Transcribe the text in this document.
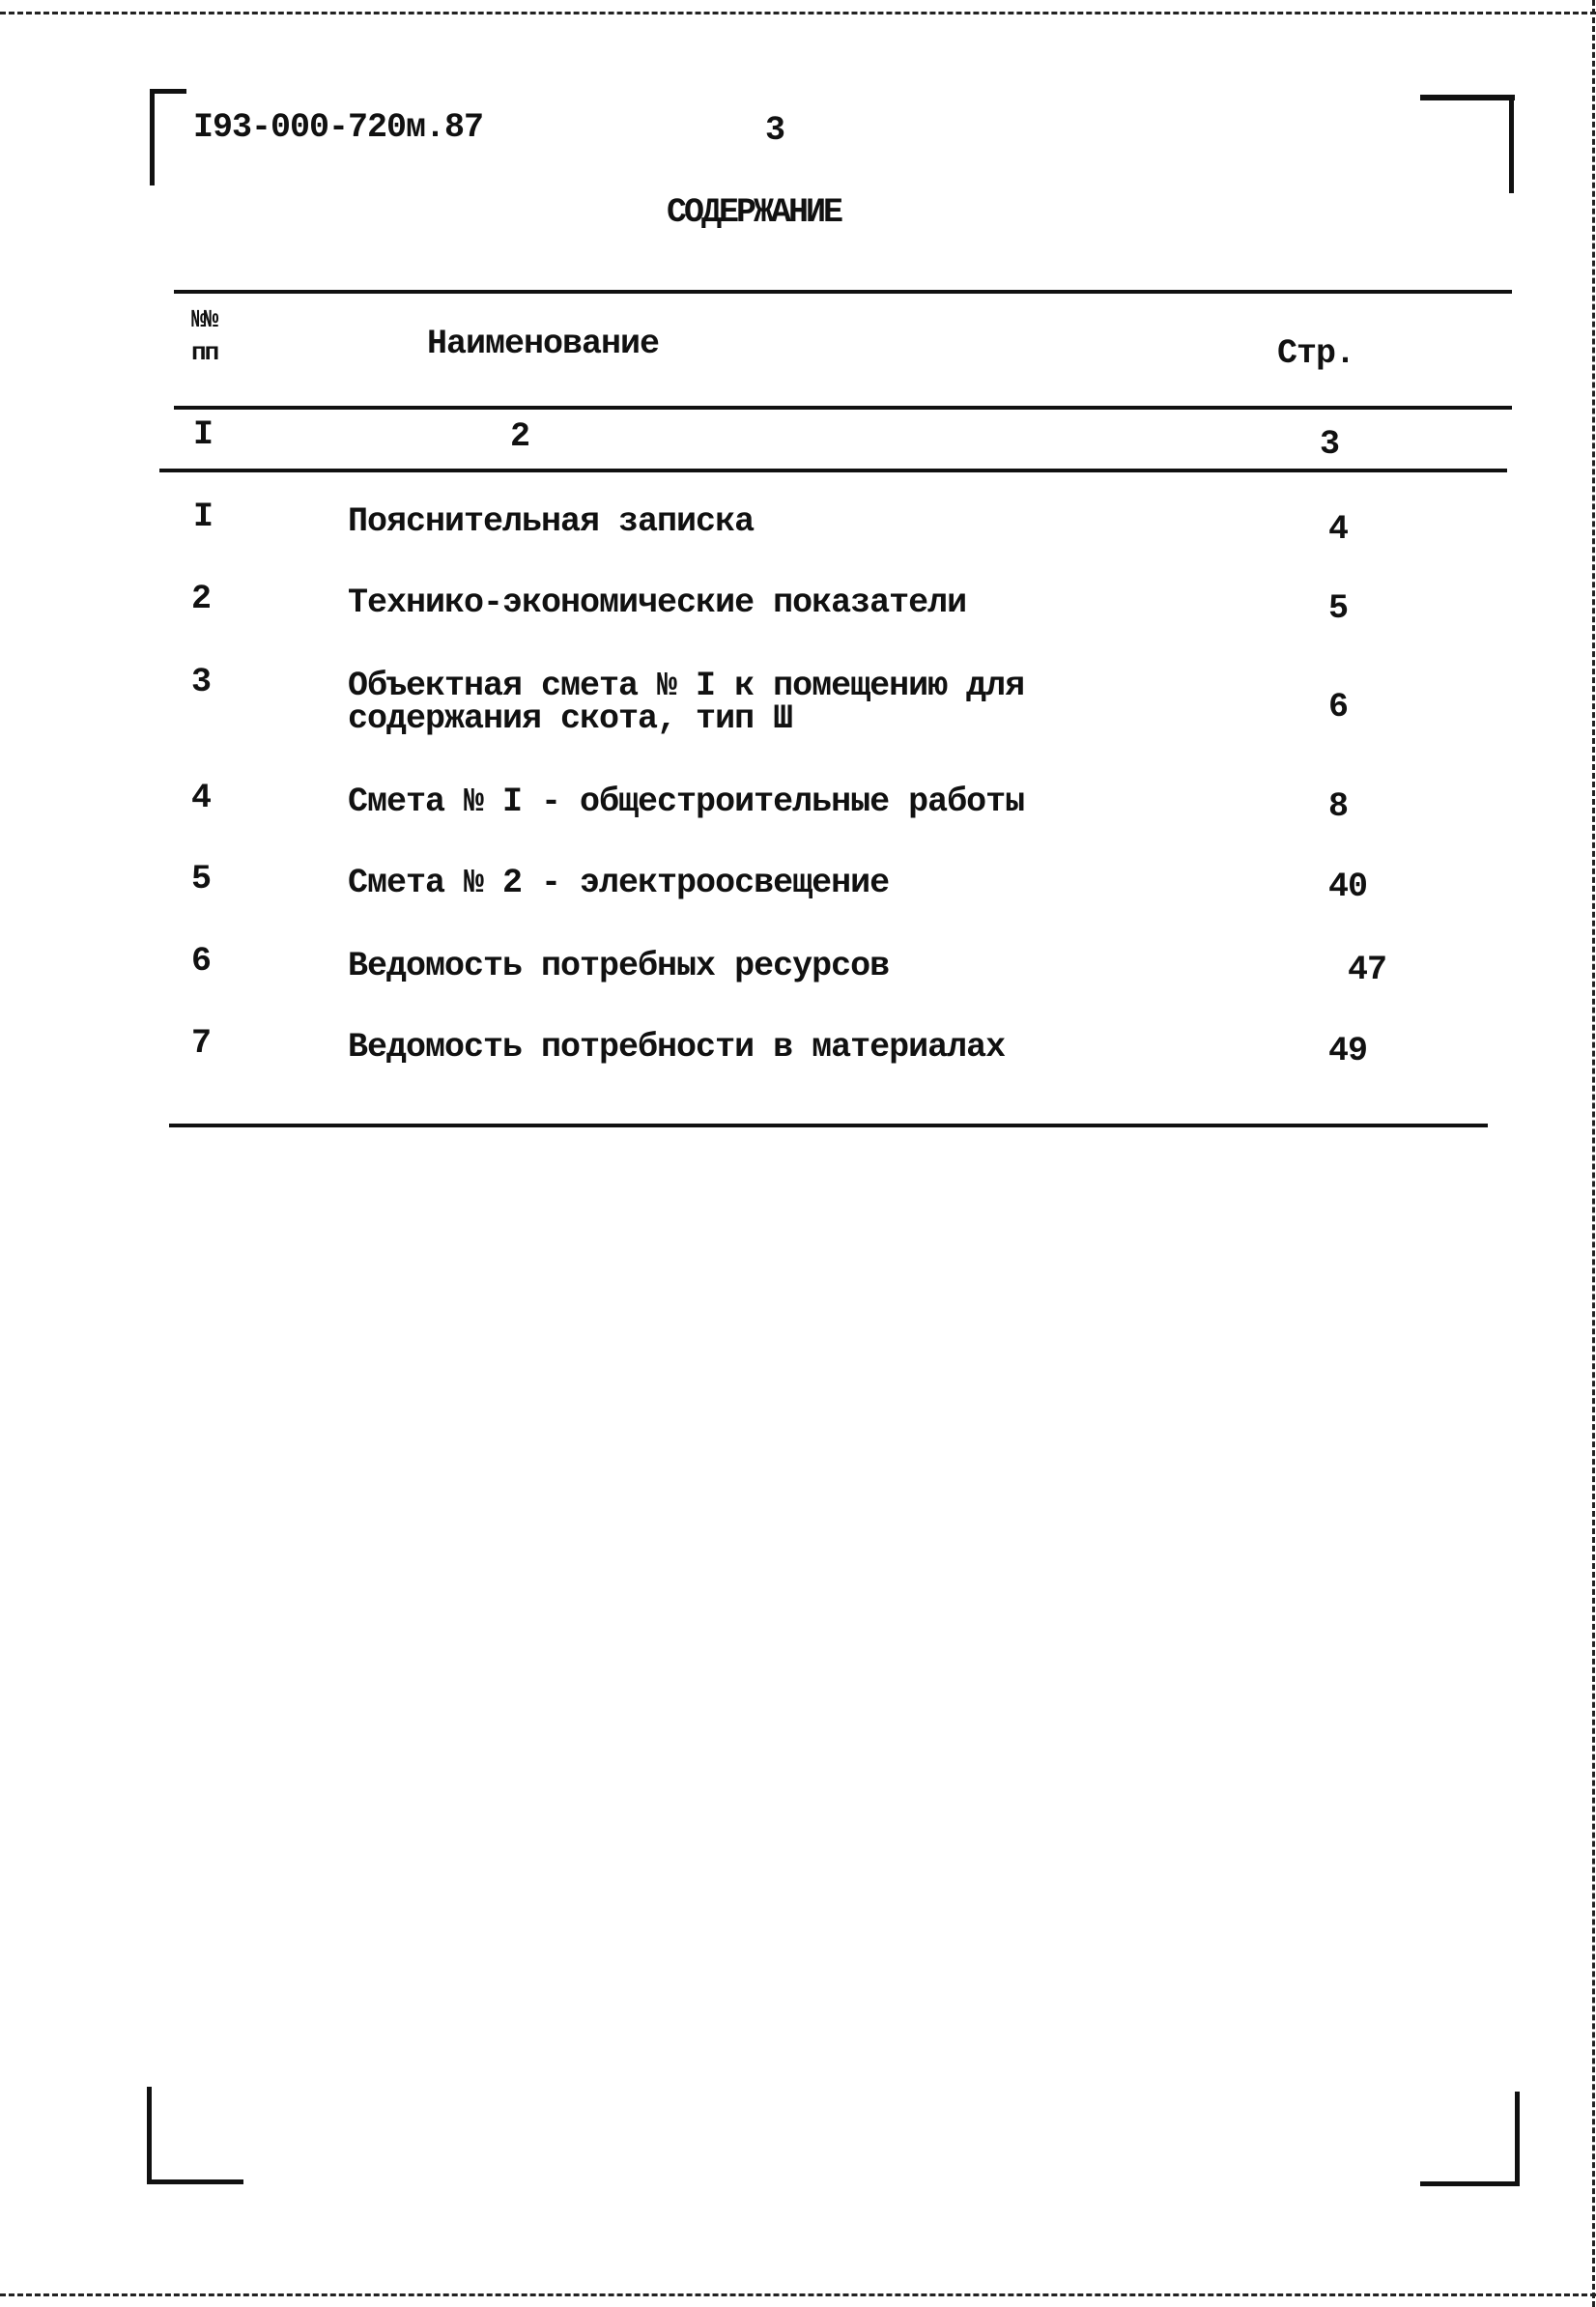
I93-000-720м.87	3
СОДЕРЖАНИЕ
№№
пп	Наименование	Стр.
I	2	3
I	Пояснительная записка	4
2	Технико-экономические показатели	5
3	Объектная смета № I к помещению для
содержания скота, тип Ш	6
4	Смета № I - общестроительные работы	8
5	Смета № 2 - электроосвещение	40
6	Ведомость потребных ресурсов	47
7	Ведомость потребности в материалах	49
